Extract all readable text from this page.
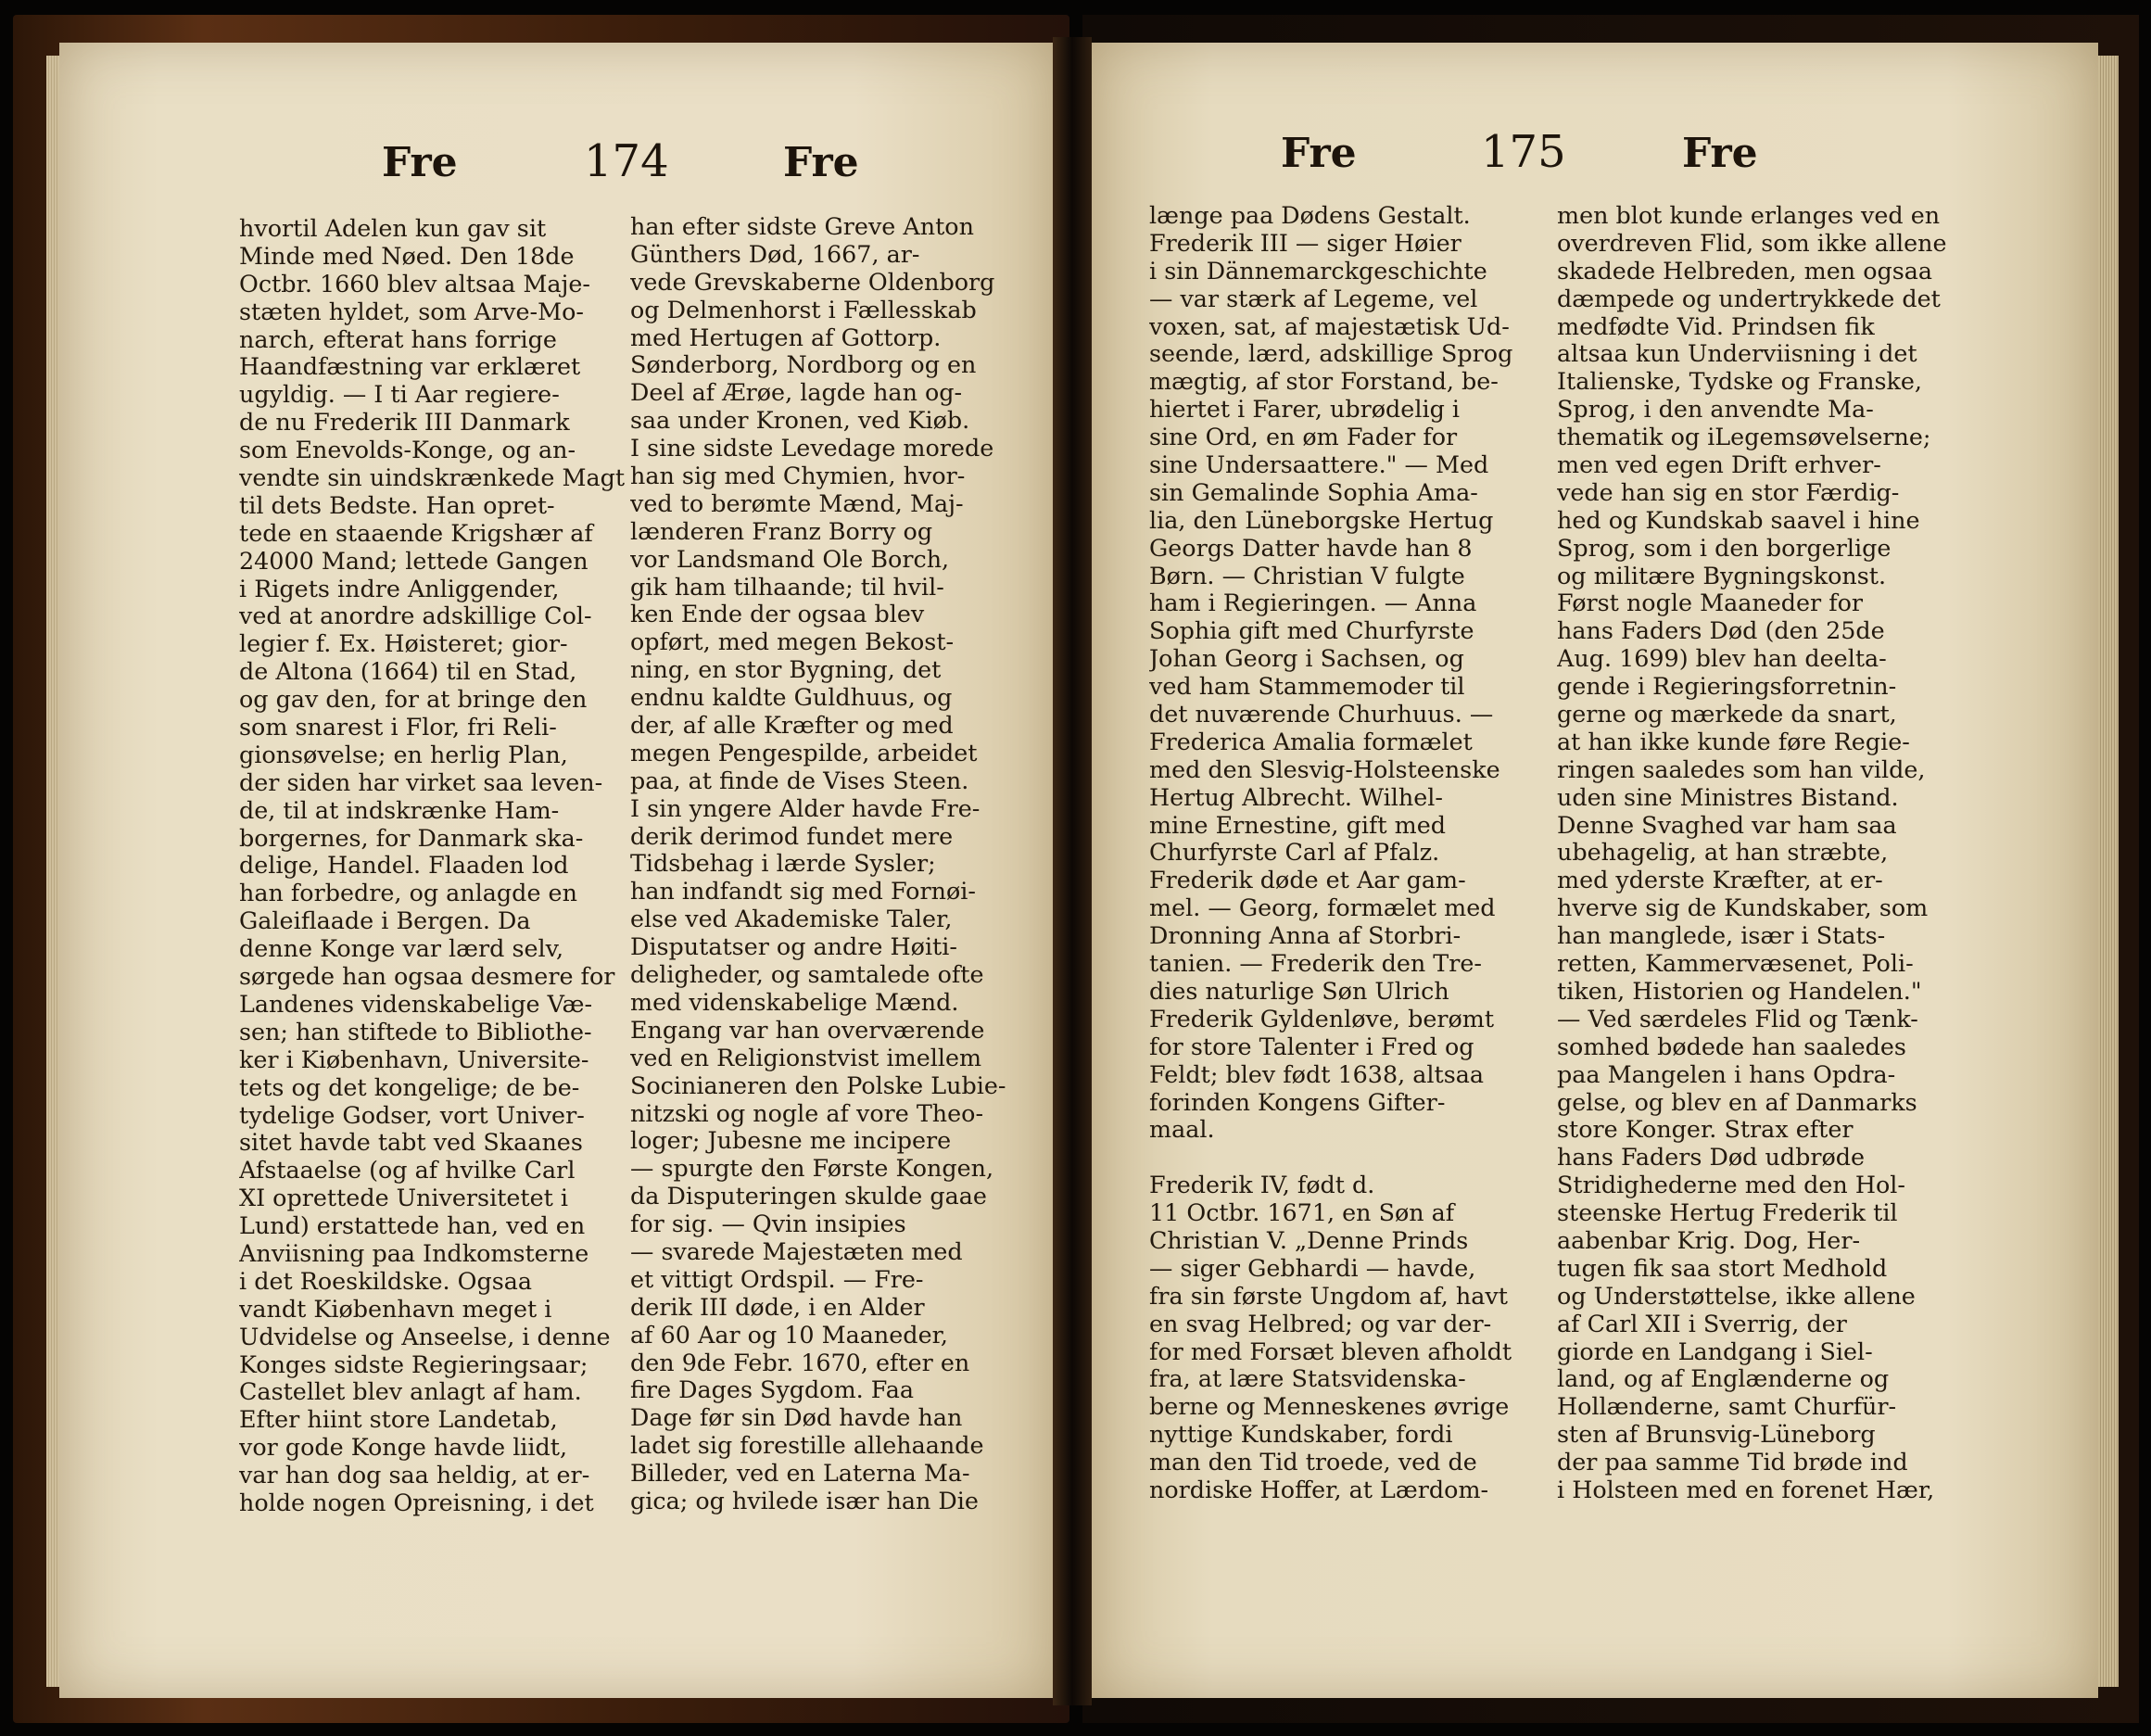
Fre	174	Fre	Fre	175	Fre
hvortil Adelen kun gav sit
Minde med Nøed. Den 18de
Octbr. 1660 blev altsaa Maje-
stæten hyldet, som Arve-Mo-
narch, efterat hans forrige
Haandfæstning var erklæret
ugyldig. — I ti Aar regiere-
de nu Frederik III Danmark
som Enevolds-Konge, og an-
vendte sin uindskrænkede Magt
til dets Bedste. Han opret-
tede en staaende Krigshær af
24000 Mand; lettede Gangen
i Rigets indre Anliggender,
ved at anordre adskillige Col-
legier f. Ex. Høisteret; gior-
de Altona (1664) til en Stad,
og gav den, for at bringe den
som snarest i Flor, fri Reli-
gionsøvelse; en herlig Plan,
der siden har virket saa leven-
de, til at indskrænke Ham-
borgernes, for Danmark ska-
delige, Handel. Flaaden lod
han forbedre, og anlagde en
Galeiflaade i Bergen. Da
denne Konge var lærd selv,
sørgede han ogsaa desmere for
Landenes videnskabelige Væ-
sen; han stiftede to Bibliothe-
ker i Kiøbenhavn, Universite-
tets og det kongelige; de be-
tydelige Godser, vort Univer-
sitet havde tabt ved Skaanes
Afstaaelse (og af hvilke Carl
XI oprettede Universitetet i
Lund) erstattede han, ved en
Anviisning paa Indkomsterne
i det Roeskildske. Ogsaa
vandt Kiøbenhavn meget i
Udvidelse og Anseelse, i denne
Konges sidste Regieringsaar;
Castellet blev anlagt af ham.
Efter hiint store Landetab,
vor gode Konge havde liidt,
var han dog saa heldig, at er-
holde nogen Opreisning, i det
han efter sidste Greve Anton
Günthers Død, 1667, ar-
vede Grevskaberne Oldenborg
og Delmenhorst i Fællesskab
med Hertugen af Gottorp.
Sønderborg, Nordborg og en
Deel af Ærøe, lagde han og-
saa under Kronen, ved Kiøb.
I sine sidste Levedage morede
han sig med Chymien, hvor-
ved to berømte Mænd, Maj-
lænderen Franz Borry og
vor Landsmand Ole Borch,
gik ham tilhaande; til hvil-
ken Ende der ogsaa blev
opført, med megen Bekost-
ning, en stor Bygning, det
endnu kaldte Guldhuus, og
der, af alle Kræfter og med
megen Pengespilde, arbeidet
paa, at finde de Vises Steen.
I sin yngere Alder havde Fre-
derik derimod fundet mere
Tidsbehag i lærde Sysler;
han indfandt sig med Fornøi-
else ved Akademiske Taler,
Disputatser og andre Høiti-
deligheder, og samtalede ofte
med videnskabelige Mænd.
Engang var han overværende
ved en Religionstvist imellem
Socinianeren den Polske Lubie-
nitzski og nogle af vore Theo-
loger; Jubesne me incipere
— spurgte den Første Kongen,
da Disputeringen skulde gaae
for sig. — Qvin insipies
— svarede Majestæten med
et vittigt Ordspil. — Fre-
derik III døde, i en Alder
af 60 Aar og 10 Maaneder,
den 9de Febr. 1670, efter en
fire Dages Sygdom. Faa
Dage før sin Død havde han
ladet sig forestille allehaande
Billeder, ved en Laterna Ma-
gica; og hvilede især han Die
længe paa Dødens Gestalt.
Frederik III — siger Høier
i sin Dännemarckgeschichte
— var stærk af Legeme, vel
voxen, sat, af majestætisk Ud-
seende, lærd, adskillige Sprog
mægtig, af stor Forstand, be-
hiertet i Farer, ubrødelig i
sine Ord, en øm Fader for
sine Undersaattere." — Med
sin Gemalinde Sophia Ama-
lia, den Lüneborgske Hertug
Georgs Datter havde han 8
Børn. — Christian V fulgte
ham i Regieringen. — Anna
Sophia gift med Churfyrste
Johan Georg i Sachsen, og
ved ham Stammemoder til
det nuværende Churhuus. —
Frederica Amalia formælet
med den Slesvig-Holsteenske
Hertug Albrecht. Wilhel-
mine Ernestine, gift med
Churfyrste Carl af Pfalz.
Frederik døde et Aar gam-
mel. — Georg, formælet med
Dronning Anna af Storbri-
tanien. — Frederik den Tre-
dies naturlige Søn Ulrich
Frederik Gyldenløve, berømt
for store Talenter i Fred og
Feldt; blev født 1638, altsaa
forinden Kongens Gifter-
maal.
Frederik IV, født d.
11 Octbr. 1671, en Søn af
Christian V. „Denne Prinds
— siger Gebhardi — havde,
fra sin første Ungdom af, havt
en svag Helbred; og var der-
for med Forsæt bleven afholdt
fra, at lære Statsvidenska-
berne og Menneskenes øvrige
nyttige Kundskaber, fordi
man den Tid troede, ved de
nordiske Hoffer, at Lærdom-
men blot kunde erlanges ved en
overdreven Flid, som ikke allene
skadede Helbreden, men ogsaa
dæmpede og undertrykkede det
medfødte Vid. Prindsen fik
altsaa kun Underviisning i det
Italienske, Tydske og Franske,
Sprog, i den anvendte Ma-
thematik og iLegemsøvelserne;
men ved egen Drift erhver-
vede han sig en stor Færdig-
hed og Kundskab saavel i hine
Sprog, som i den borgerlige
og militære Bygningskonst.
Først nogle Maaneder for
hans Faders Død (den 25de
Aug. 1699) blev han deelta-
gende i Regieringsforretnin-
gerne og mærkede da snart,
at han ikke kunde føre Regie-
ringen saaledes som han vilde,
uden sine Ministres Bistand.
Denne Svaghed var ham saa
ubehagelig, at han stræbte,
med yderste Kræfter, at er-
hverve sig de Kundskaber, som
han manglede, især i Stats-
retten, Kammervæsenet, Poli-
tiken, Historien og Handelen."
— Ved særdeles Flid og Tænk-
somhed bødede han saaledes
paa Mangelen i hans Opdra-
gelse, og blev en af Danmarks
store Konger. Strax efter
hans Faders Død udbrøde
Stridighederne med den Hol-
steenske Hertug Frederik til
aabenbar Krig. Dog, Her-
tugen fik saa stort Medhold
og Understøttelse, ikke allene
af Carl XII i Sverrig, der
giorde en Landgang i Siel-
land, og af Englænderne og
Hollænderne, samt Churfür-
sten af Brunsvig-Lüneborg
der paa samme Tid brøde ind
i Holsteen med en forenet Hær,
